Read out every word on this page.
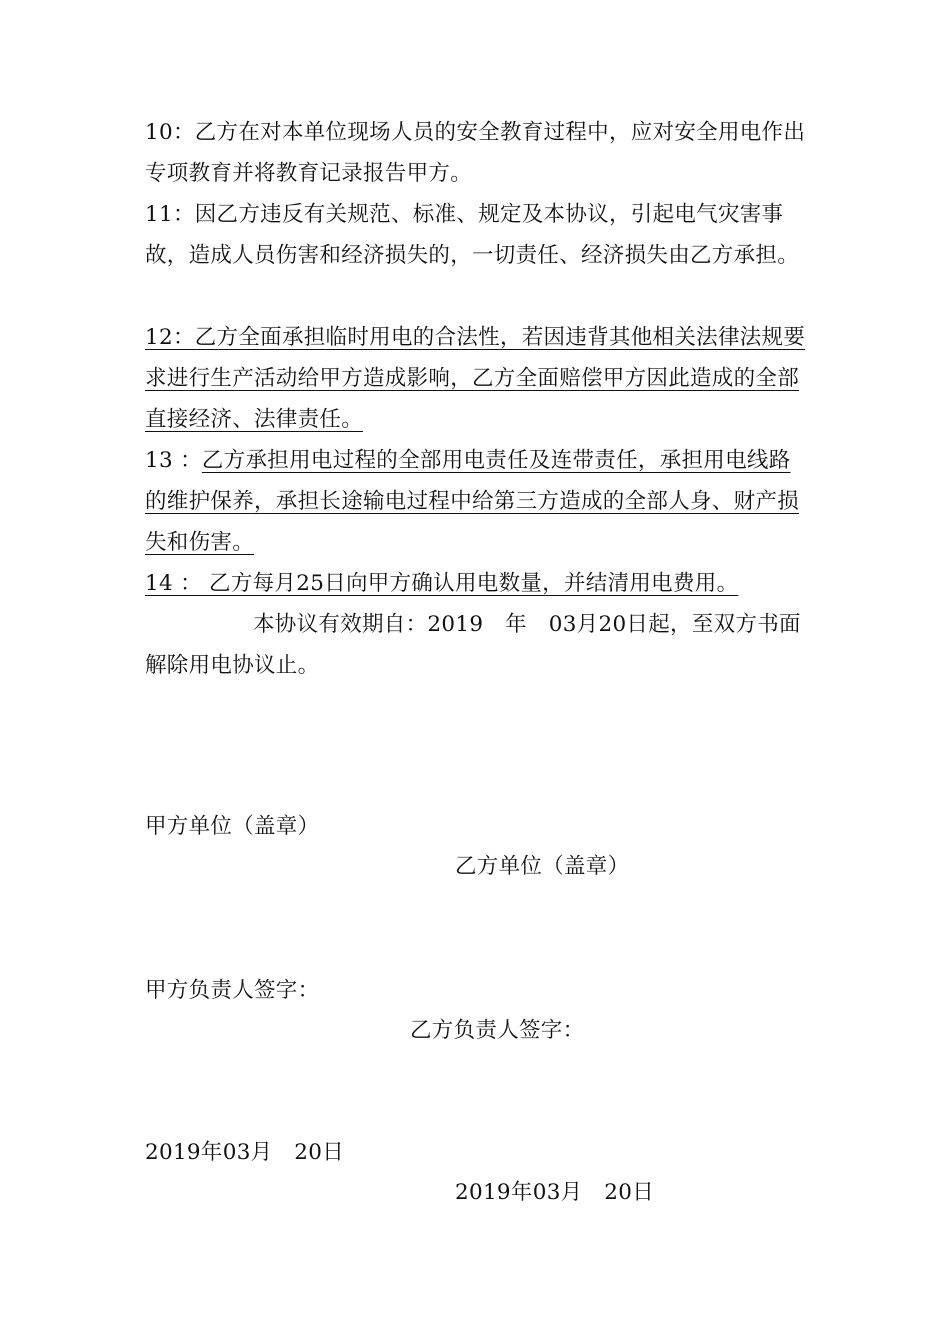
10：乙方在对本单位现场人员的安全教育过程中，应对安全用电作出专项教育并将教育记录报告甲方。

11：因乙方违反有关规范、标准、规定及本协议，引起电气灾害事故，造成人员伤害和经济损失的，一切责任、经济损失由乙方承担。

12：乙方全面承担临时用电的合法性，若因违背其他相关法律法规要求进行生产活动给甲方造成影响，乙方全面赔偿甲方因此造成的全部直接经济、法律责任。

13 ：乙方承担用电过程的全部用电责任及连带责任，承担用电线路的维护保养，承担长途输电过程中给第三方造成的全部人身、财产损失和伤害。

14 ： 乙方每月25日向甲方确认用电数量，并结清用电费用。

本协议有效期自：2019　年　03月20日起，至双方书面解除用电协议止。

甲方单位（盖章）
乙方单位（盖章）
甲方负责人签字：
乙方负责人签字：
2019年03月　20日
2019年03月　20日
